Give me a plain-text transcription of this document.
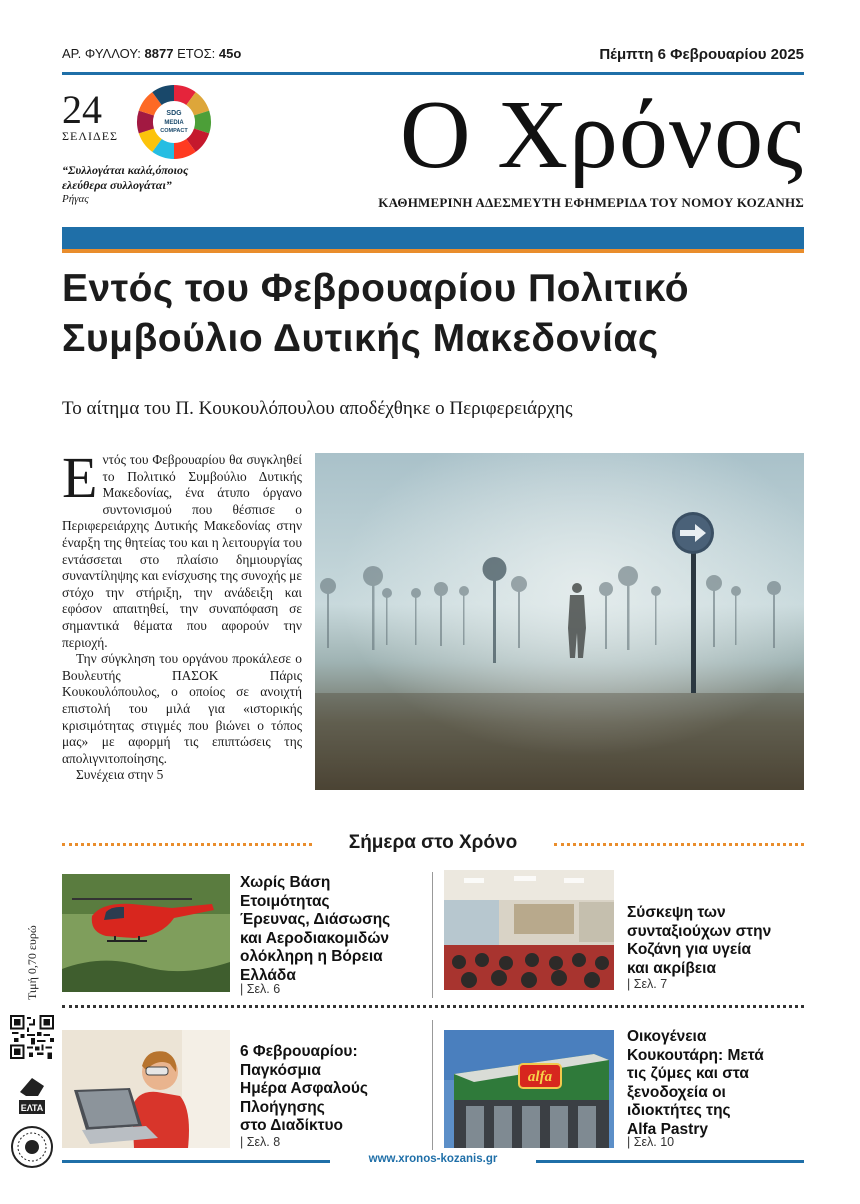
ΑΡ. ΦΥΛΛΟΥ: 8877 ΕΤΟΣ: 45ο	Πέμπτη 6 Φεβρουαρίου 2025
24
ΣΕΛΙΔΕΣ
SDG
MEDIA
COMPACT
“Συλλογάται καλά,όποιος
ελεύθερα συλλογάται”
Ρήγας
Ο Χρόνος
ΚΑΘΗΜΕΡΙΝΗ ΑΔΕΣΜΕΥΤΗ ΕΦΗΜΕΡΙΔΑ ΤΟΥ ΝΟΜΟΥ ΚΟΖΑΝΗΣ
Εντός του Φεβρουαρίου Πολιτικό
Συμβούλιο Δυτικής Μακεδονίας
Το αίτημα του Π. Κουκουλόπουλου αποδέχθηκε ο Περιφερειάρχης

Εντός του Φεβρουαρίου θα συγκληθεί το Πολιτικό Συμβούλιο Δυτικής Μακεδονίας, ένα άτυπο όργανο συντονισμού που θέσπισε ο Περιφερειάρχης Δυτικής Μακεδονίας στην έναρξη της θητείας του και η λειτουργία του εντάσσεται στο πλαίσιο δημιουργίας συναντίληψης και ενίσχυσης της συνοχής με στόχο την στήριξη, την ανάδειξη και εφόσον απαιτηθεί, την συναπόφαση σε σημαντικά θέματα που αφορούν την περιοχή.

Την σύγκληση του οργάνου προκάλεσε ο Βουλευτής ΠΑΣΟΚ Πάρις Κουκουλόπουλος, ο οποίος σε ανοιχτή επιστολή του μιλά για «ιστορικής κρισιμότητας στιγμές που βιώνει ο τόπος μας» με αφορμή τις επιπτώσεις της απολιγνιτοποίησης.

Συνέχεια στην 5

Σήμερα στο Χρόνο
Τιμή 0,70 ευρώ
ΕΛΤΑ
Χωρίς Βάση
Ετοιμότητας
Έρευνας, Διάσωσης
και Αεροδιακομιδών
ολόκληρη η Βόρεια
Ελλάδα
| Σελ. 6
Σύσκεψη των
συνταξιούχων στην
Κοζάνη για υγεία
και ακρίβεια
| Σελ. 7
6 Φεβρουαρίου:
Παγκόσμια
Ημέρα Ασφαλούς
Πλοήγησης
στο Διαδίκτυο
| Σελ. 8
alfa
Οικογένεια
Κουκουτάρη: Μετά
τις ζύμες και στα
ξενοδοχεία οι
ιδιοκτήτες της
Alfa Pastry
| Σελ. 10
www.xronos-kozanis.gr
